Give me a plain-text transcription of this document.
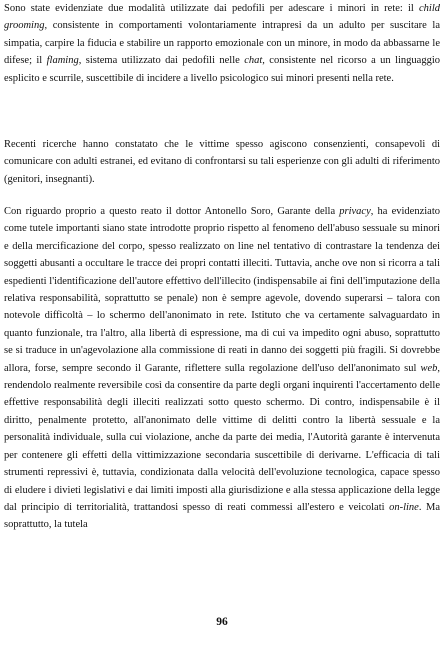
Sono state evidenziate due modalità utilizzate dai pedofili per adescare i minori in rete: il child grooming, consistente in comportamenti volontariamente intrapresi da un adulto per suscitare la simpatia, carpire la fiducia e stabilire un rapporto emozionale con un minore, in modo da abbassarne le difese; il flaming, sistema utilizzato dai pedofili nelle chat, consistente nel ricorso a un linguaggio esplicito e scurrile, suscettibile di incidere a livello psicologico sui minori presenti nella rete.
Recenti ricerche hanno constatato che le vittime spesso agiscono consenzienti, consapevoli di comunicare con adulti estranei, ed evitano di confrontarsi su tali esperienze con gli adulti di riferimento (genitori, insegnanti).
Con riguardo proprio a questo reato il dottor Antonello Soro, Garante della privacy, ha evidenziato come tutele importanti siano state introdotte proprio rispetto al fenomeno dell'abuso sessuale su minori e della mercificazione del corpo, spesso realizzato on line nel tentativo di contrastare la tendenza dei soggetti abusanti a occultare le tracce dei propri contatti illeciti. Tuttavia, anche ove non si ricorra a tali espedienti l'identificazione dell'autore effettivo dell'illecito (indispensabile ai fini dell'imputazione della relativa responsabilità, soprattutto se penale) non è sempre agevole, dovendo superarsi – talora con notevole difficoltà – lo schermo dell'anonimato in rete. Istituto che va certamente salvaguardato in quanto funzionale, tra l'altro, alla libertà di espressione, ma di cui va impedito ogni abuso, soprattutto se si traduce in un'agevolazione alla commissione di reati in danno dei soggetti più fragili. Si dovrebbe allora, forse, sempre secondo il Garante, riflettere sulla regolazione dell'uso dell'anonimato sul web, rendendolo realmente reversibile così da consentire da parte degli organi inquirenti l'accertamento delle effettive responsabilità degli illeciti realizzati sotto questo schermo. Di contro, indispensabile è il diritto, penalmente protetto, all'anonimato delle vittime di delitti contro la libertà sessuale e la personalità individuale, sulla cui violazione, anche da parte dei media, l'Autorità garante è intervenuta per contenere gli effetti della vittimizzazione secondaria suscettibile di derivarne. L'efficacia di tali strumenti repressivi è, tuttavia, condizionata dalla velocità dell'evoluzione tecnologica, capace spesso di eludere i divieti legislativi e dai limiti imposti alla giurisdizione e alla stessa applicazione della legge dal principio di territorialità, trattandosi spesso di reati commessi all'estero e veicolati on-line. Ma soprattutto, la tutela
96
